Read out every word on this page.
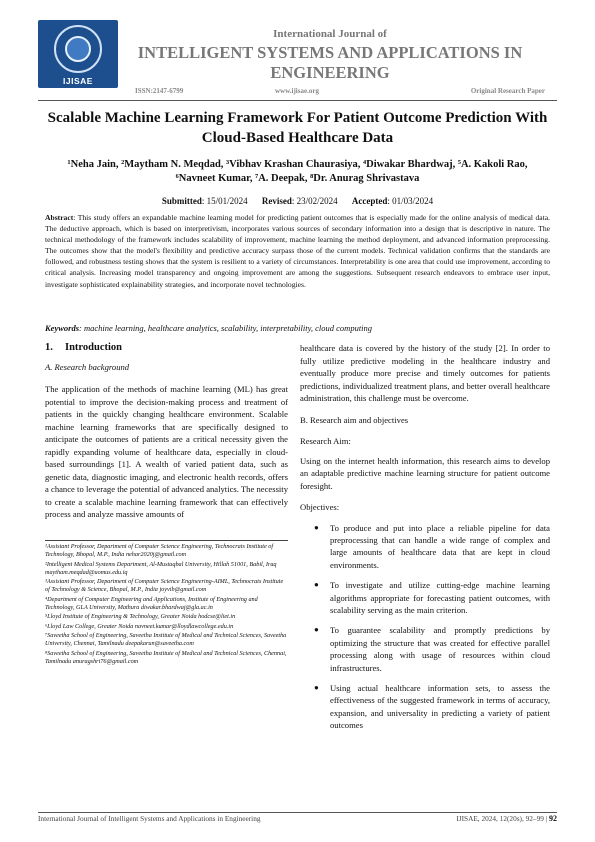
IJISAE
International Journal of
INTELLIGENT SYSTEMS AND APPLICATIONS IN ENGINEERING
ISSN:2147-6799	www.ijisae.org	Original Research Paper
Scalable Machine Learning Framework For Patient Outcome Prediction With Cloud-Based Healthcare Data
¹Neha Jain, ²Maytham N. Meqdad, ³Vibhav Krashan Chaurasiya, ⁴Diwakar Bhardwaj, ⁵A. Kakoli Rao, ⁶Navneet Kumar, ⁷A. Deepak, ⁸Dr. Anurag Shrivastava
Submitted: 15/01/2024 Revised: 23/02/2024 Accepted: 01/03/2024
Abstract: This study offers an expandable machine learning model for predicting patient outcomes that is especially made for the online analysis of medical data. The deductive approach, which is based on interpretivism, incorporates various sources of secondary information into a design that is descriptive in nature. The technical methodology of the framework includes scalability of improvement, machine learning the method deployment, and advanced information preprocessing. The outcomes show that the model's flexibility and predictive accuracy surpass those of the current models. Technical validation confirms that the standards are followed, and robustness testing shows that the system is resilient to a variety of circumstances. Interpretability is one area that could use improvement, according to critical analysis. Increasing model transparency and ongoing improvement are among the suggestions. Subsequent research endeavors to embrace user input, investigate sophisticated explainability strategies, and incorporate novel technologies.
Keywords: machine learning, healthcare analytics, scalability, interpretability, cloud computing
1. Introduction
A. Research background
The application of the methods of machine learning (ML) has great potential to improve the decision-making process and treatment of patients in the quickly changing healthcare environment. Scalable machine learning frameworks that are specifically designed to anticipate the outcomes of patients are a critical necessity given the rapidly expanding volume of healthcare data, especially in cloud-based surroundings [1]. A wealth of varied patient data, such as genetic data, diagnostic imaging, and electronic health records, offers a chance to leverage the potential of advanced analytics. The necessity to create a scalable machine learning framework that can effectively process and analyze massive amounts of
¹Assistant Professor, Department of Computer Science Engineering, Technocrats Institute of Technology, Bhopal, M.P., India nehar2020j@gmail.com
²Intelligent Medical Systems Department, Al-Mustaqbal University, Hillah 51001, Babil, Iraq maytham.meqdad@uomus.edu.iq
³Assistant Professor, Department of Computer Science Engineering-AIML, Technocrats Institute of Technology & Science, Bhopal, M.P., India joyvib@gmail.com
⁴Department of Computer Engineering and Applications, Institute of Engineering and Technology, GLA University, Mathura diwakar.bhardwaj@gla.ac.in
⁵Lloyd Institute of Engineering & Technology, Greater Noida hodcse@liet.in
⁶Lloyd Law College, Greater Noida navneet.kumar@lloydlawcollege.edu.in
⁷Saveetha School of Engineering, Saveetha Institute of Medical and Technical Sciences, Saveetha University, Chennai, Tamilnadu deepakarun@saveetha.com
⁸Saveetha School of Engineering, Saveetha Institute of Medical and Technical Sciences, Chennai, Tamilnadu anuragshri76@gmail.com
healthcare data is covered by the history of the study [2]. In order to fully utilize predictive modeling in the healthcare industry and eventually produce more precise and timely outcomes for patients predictions, individualized treatment plans, and better overall healthcare administration, this challenge must be overcome.
B. Research aim and objectives
Research Aim:
Using on the internet health information, this research aims to develop an adaptable predictive machine learning structure for patient outcome foresight.
Objectives:
● To produce and put into place a reliable pipeline for data preprocessing that can handle a wide range of complex and large amounts of healthcare data that are kept in cloud environments.
● To investigate and utilize cutting-edge machine learning algorithms appropriate for forecasting patient outcomes, with scalability serving as the main criterion.
● To guarantee scalability and promptly predictions by optimizing the structure that was created for effective parallel processing along with usage of resources within cloud infrastructures.
● Using actual healthcare information sets, to assess the effectiveness of the suggested framework in terms of accuracy, expansion, and universality in predicting a variety of patient outcomes
International Journal of Intelligent Systems and Applications in Engineering	IJISAE, 2024, 12(20s), 92–99 | 92
